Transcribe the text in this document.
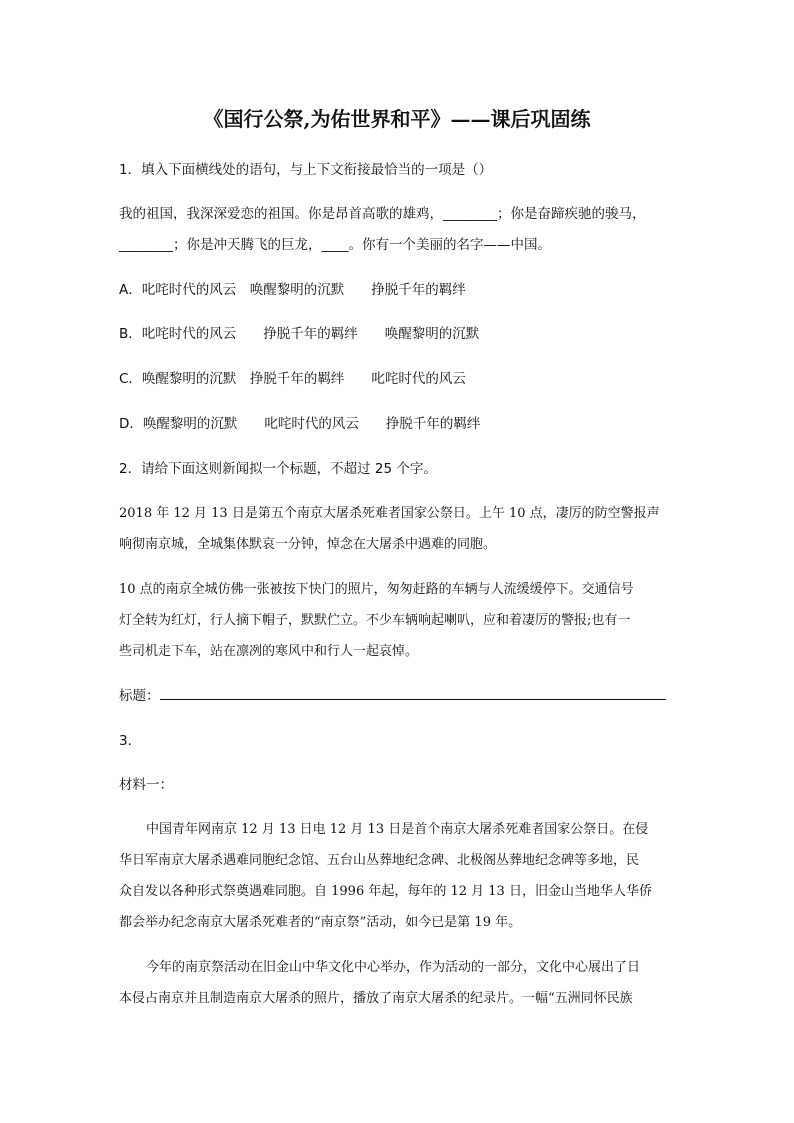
《国行公祭,为佑世界和平》——课后巩固练
1．填入下面横线处的语句，与上下文衔接最恰当的一项是（）
我的祖国，我深深爱恋的祖国。你是昂首高歌的雄鸡，________；你是奋蹄疾驰的骏马，
________；你是冲天腾飞的巨龙，____。你有一个美丽的名字——中国。
A．叱咤时代的风云　唤醒黎明的沉默　　挣脱千年的羁绊
B．叱咤时代的风云　　挣脱千年的羁绊　　唤醒黎明的沉默
C．唤醒黎明的沉默　挣脱千年的羁绊　　叱咤时代的风云
D．唤醒黎明的沉默　　叱咤时代的风云　　挣脱千年的羁绊
2．请给下面这则新闻拟一个标题，不超过 25 个字。
2018 年 12 月 13 日是第五个南京大屠杀死难者国家公祭日。上午 10 点，凄厉的防空警报声
响彻南京城，全城集体默哀一分钟，悼念在大屠杀中遇难的同胞。
10 点的南京全城仿佛一张被按下快门的照片，匆匆赶路的车辆与人流缓缓停下。交通信号
灯全转为红灯，行人摘下帽子，默默伫立。不少车辆响起喇叭，应和着凄厉的警报;也有一
些司机走下车，站在凛冽的寒风中和行人一起哀悼。
标题：
3．
材料一：
中国青年网南京 12 月 13 日电 12 月 13 日是首个南京大屠杀死难者国家公祭日。在侵
华日军南京大屠杀遇难同胞纪念馆、五台山丛葬地纪念碑、北极阁丛葬地纪念碑等多地，民
众自发以各种形式祭奠遇难同胞。自 1996 年起，每年的 12 月 13 日，旧金山当地华人华侨
都会举办纪念南京大屠杀死难者的“南京祭”活动，如今已是第 19 年。
今年的南京祭活动在旧金山中华文化中心举办，作为活动的一部分，文化中心展出了日
本侵占南京并且制造南京大屠杀的照片，播放了南京大屠杀的纪录片。一幅“五洲同怀民族
